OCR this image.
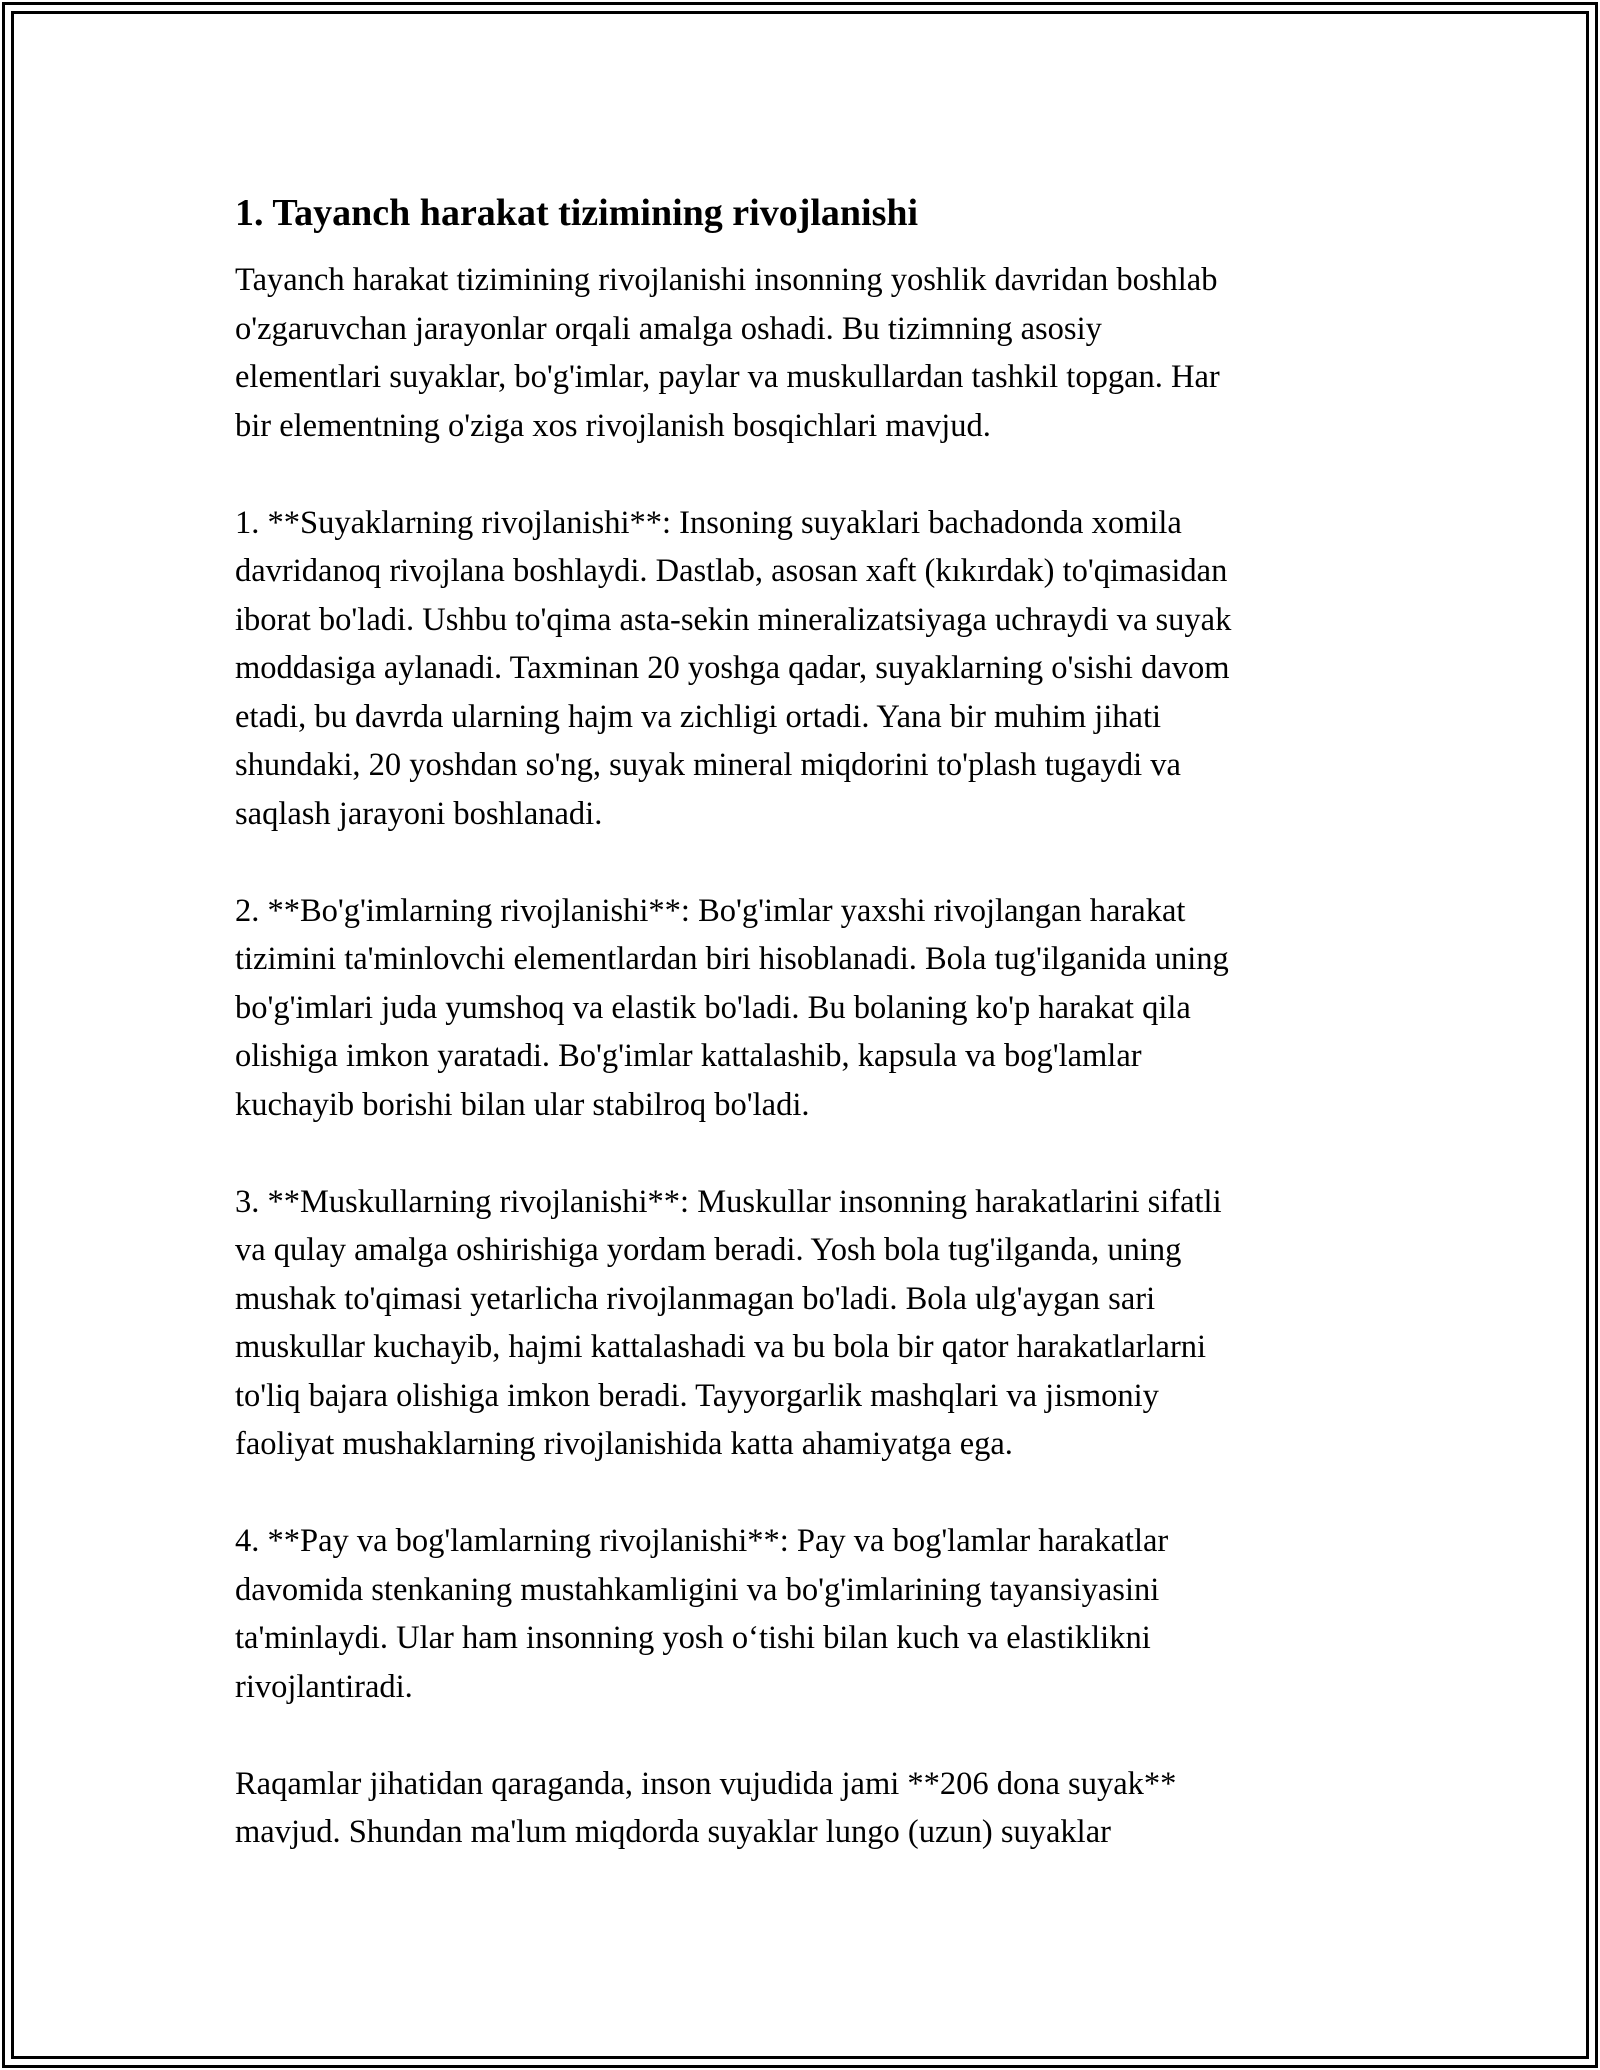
1. Tayanch harakat tizimining rivojlanishi
Tayanch harakat tizimining rivojlanishi insonning yoshlik davridan boshlab
o'zgaruvchan jarayonlar orqali amalga oshadi. Bu tizimning asosiy
elementlari suyaklar, bo'g'imlar, paylar va muskullardan tashkil topgan. Har
bir elementning o'ziga xos rivojlanish bosqichlari mavjud.
1. **Suyaklarning rivojlanishi**: Insoning suyaklari bachadonda xomila
davridanoq rivojlana boshlaydi. Dastlab, asosan xaft (kıkırdak) to'qimasidan
iborat bo'ladi. Ushbu to'qima asta-sekin mineralizatsiyaga uchraydi va suyak
moddasiga aylanadi. Taxminan 20 yoshga qadar, suyaklarning o'sishi davom
etadi, bu davrda ularning hajm va zichligi ortadi. Yana bir muhim jihati
shundaki, 20 yoshdan so'ng, suyak mineral miqdorini to'plash tugaydi va
saqlash jarayoni boshlanadi.
2. **Bo'g'imlarning rivojlanishi**: Bo'g'imlar yaxshi rivojlangan harakat
tizimini ta'minlovchi elementlardan biri hisoblanadi. Bola tug'ilganida uning
bo'g'imlari juda yumshoq va elastik bo'ladi. Bu bolaning ko'p harakat qila
olishiga imkon yaratadi. Bo'g'imlar kattalashib, kapsula va bog'lamlar
kuchayib borishi bilan ular stabilroq bo'ladi.
3. **Muskullarning rivojlanishi**: Muskullar insonning harakatlarini sifatli
va qulay amalga oshirishiga yordam beradi. Yosh bola tug'ilganda, uning
mushak to'qimasi yetarlicha rivojlanmagan bo'ladi. Bola ulg'aygan sari
muskullar kuchayib, hajmi kattalashadi va bu bola bir qator harakatlarlarni
to'liq bajara olishiga imkon beradi. Tayyorgarlik mashqlari va jismoniy
faoliyat mushaklarning rivojlanishida katta ahamiyatga ega.
4. **Pay va bog'lamlarning rivojlanishi**: Pay va bog'lamlar harakatlar
davomida stenkaning mustahkamligini va bo'g'imlarining tayansiyasini
ta'minlaydi. Ular ham insonning yosh o‘tishi bilan kuch va elastiklikni
rivojlantiradi.
Raqamlar jihatidan qaraganda, inson vujudida jami **206 dona suyak**
mavjud. Shundan ma'lum miqdorda suyaklar lungo (uzun) suyaklar
